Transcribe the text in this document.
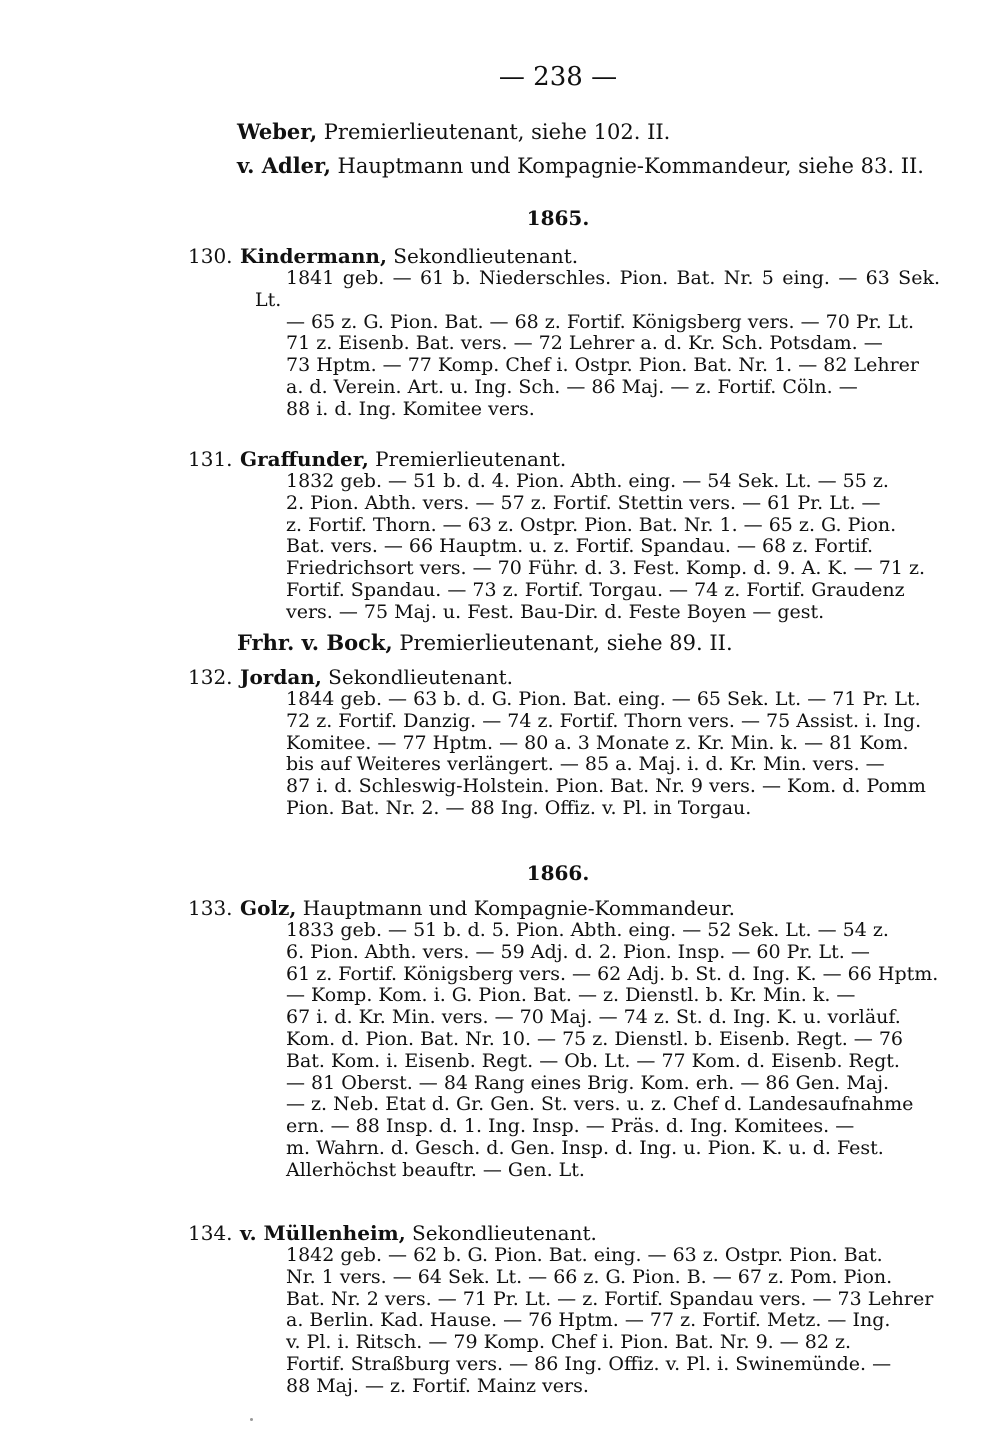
— 238 —
Weber, Premierlieutenant, siehe 102. II.
v. Adler, Hauptmann und Kompagnie-Kommandeur, siehe 83. II.
1865.
130. Kindermann, Sekondlieutenant.
1841 geb. — 61 b. Niederschles. Pion. Bat. Nr. 5 eing. — 63 Sek. Lt.
— 65 z. G. Pion. Bat. — 68 z. Fortif. Königsberg vers. — 70 Pr. Lt.
71 z. Eisenb. Bat. vers. — 72 Lehrer a. d. Kr. Sch. Potsdam. —
73 Hptm. — 77 Komp. Chef i. Ostpr. Pion. Bat. Nr. 1. — 82 Lehrer
a. d. Verein. Art. u. Ing. Sch. — 86 Maj. — z. Fortif. Cöln. —
88 i. d. Ing. Komitee vers.
131. Graffunder, Premierlieutenant.
1832 geb. — 51 b. d. 4. Pion. Abth. eing. — 54 Sek. Lt. — 55 z.
2. Pion. Abth. vers. — 57 z. Fortif. Stettin vers. — 61 Pr. Lt. —
z. Fortif. Thorn. — 63 z. Ostpr. Pion. Bat. Nr. 1. — 65 z. G. Pion.
Bat. vers. — 66 Hauptm. u. z. Fortif. Spandau. — 68 z. Fortif.
Friedrichsort vers. — 70 Führ. d. 3. Fest. Komp. d. 9. A. K. — 71 z.
Fortif. Spandau. — 73 z. Fortif. Torgau. — 74 z. Fortif. Graudenz
vers. — 75 Maj. u. Fest. Bau-Dir. d. Feste Boyen — gest.
Frhr. v. Bock, Premierlieutenant, siehe 89. II.
132. Jordan, Sekondlieutenant.
1844 geb. — 63 b. d. G. Pion. Bat. eing. — 65 Sek. Lt. — 71 Pr. Lt.
72 z. Fortif. Danzig. — 74 z. Fortif. Thorn vers. — 75 Assist. i. Ing.
Komitee. — 77 Hptm. — 80 a. 3 Monate z. Kr. Min. k. — 81 Kom.
bis auf Weiteres verlängert. — 85 a. Maj. i. d. Kr. Min. vers. —
87 i. d. Schleswig-Holstein. Pion. Bat. Nr. 9 vers. — Kom. d. Pomm
Pion. Bat. Nr. 2. — 88 Ing. Offiz. v. Pl. in Torgau.
1866.
133. Golz, Hauptmann und Kompagnie-Kommandeur.
1833 geb. — 51 b. d. 5. Pion. Abth. eing. — 52 Sek. Lt. — 54 z.
6. Pion. Abth. vers. — 59 Adj. d. 2. Pion. Insp. — 60 Pr. Lt. —
61 z. Fortif. Königsberg vers. — 62 Adj. b. St. d. Ing. K. — 66 Hptm.
— Komp. Kom. i. G. Pion. Bat. — z. Dienstl. b. Kr. Min. k. —
67 i. d. Kr. Min. vers. — 70 Maj. — 74 z. St. d. Ing. K. u. vorläuf.
Kom. d. Pion. Bat. Nr. 10. — 75 z. Dienstl. b. Eisenb. Regt. — 76
Bat. Kom. i. Eisenb. Regt. — Ob. Lt. — 77 Kom. d. Eisenb. Regt.
— 81 Oberst. — 84 Rang eines Brig. Kom. erh. — 86 Gen. Maj.
— z. Neb. Etat d. Gr. Gen. St. vers. u. z. Chef d. Landesaufnahme
ern. — 88 Insp. d. 1. Ing. Insp. — Präs. d. Ing. Komitees. —
m. Wahrn. d. Gesch. d. Gen. Insp. d. Ing. u. Pion. K. u. d. Fest.
Allerhöchst beauftr. — Gen. Lt.
134. v. Müllenheim, Sekondlieutenant.
1842 geb. — 62 b. G. Pion. Bat. eing. — 63 z. Ostpr. Pion. Bat.
Nr. 1 vers. — 64 Sek. Lt. — 66 z. G. Pion. B. — 67 z. Pom. Pion.
Bat. Nr. 2 vers. — 71 Pr. Lt. — z. Fortif. Spandau vers. — 73 Lehrer
a. Berlin. Kad. Hause. — 76 Hptm. — 77 z. Fortif. Metz. — Ing.
v. Pl. i. Ritsch. — 79 Komp. Chef i. Pion. Bat. Nr. 9. — 82 z.
Fortif. Straßburg vers. — 86 Ing. Offiz. v. Pl. i. Swinemünde. —
88 Maj. — z. Fortif. Mainz vers.
